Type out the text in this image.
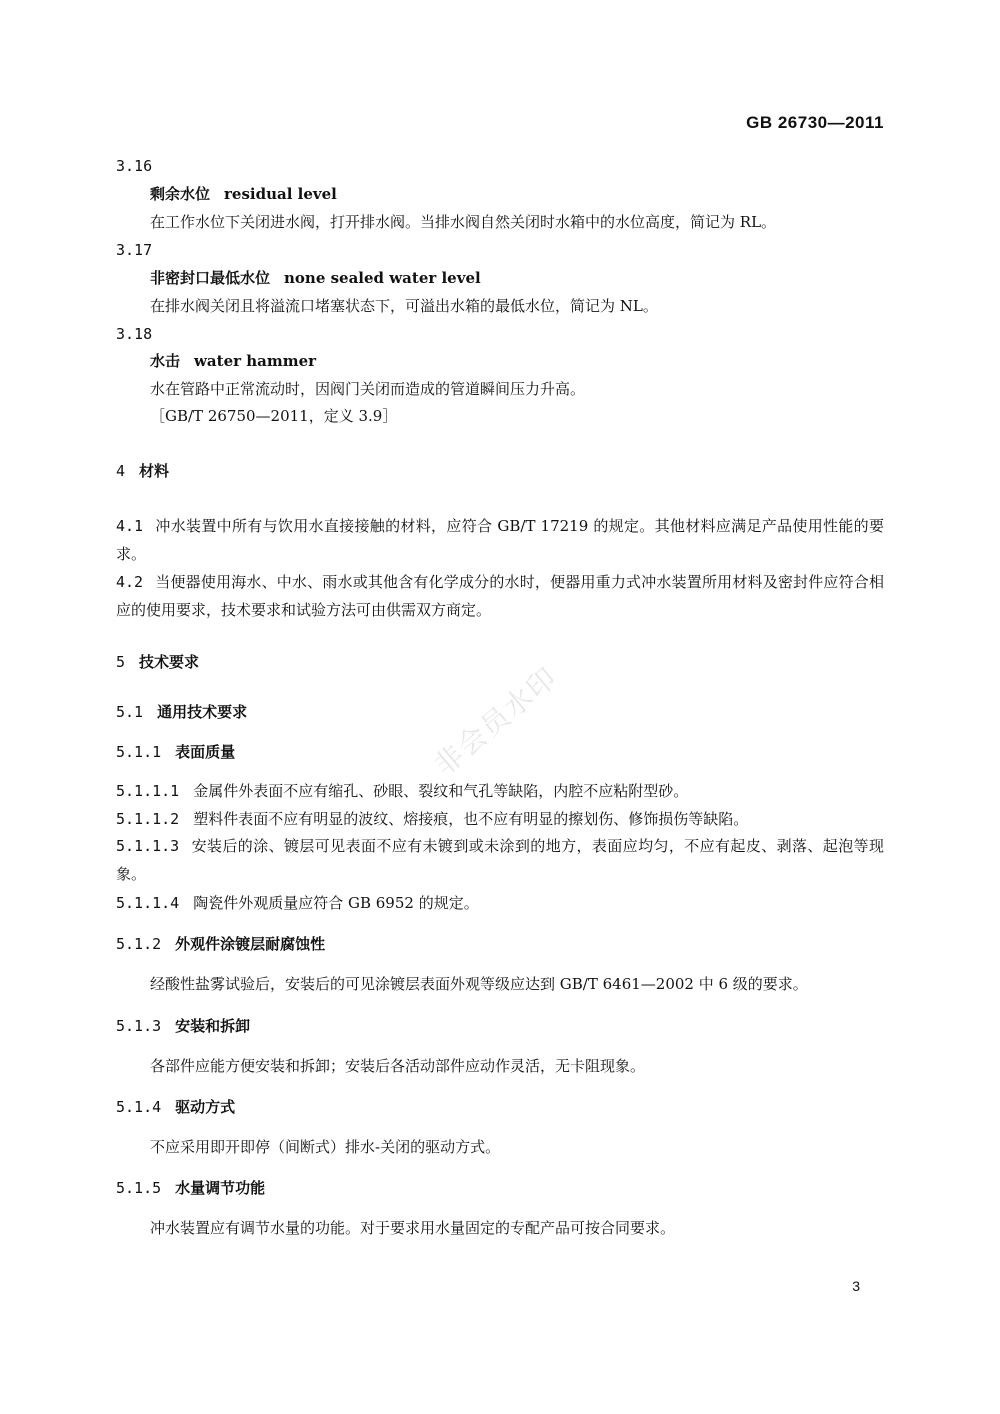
GB 26730—2011
3.16
剩余水位 residual level
在工作水位下关闭进水阀，打开排水阀。当排水阀自然关闭时水箱中的水位高度，简记为 RL。
3.17
非密封口最低水位 none sealed water level
在排水阀关闭且将溢流口堵塞状态下，可溢出水箱的最低水位，简记为 NL。
3.18
水击 water hammer
水在管路中正常流动时，因阀门关闭而造成的管道瞬间压力升高。
［GB/T 26750—2011，定义 3.9］
4 材料
4.1 冲水装置中所有与饮用水直接接触的材料，应符合 GB/T 17219 的规定。其他材料应满足产品使用性能的要求。
4.2 当便器使用海水、中水、雨水或其他含有化学成分的水时，便器用重力式冲水装置所用材料及密封件应符合相应的使用要求，技术要求和试验方法可由供需双方商定。
5 技术要求
5.1 通用技术要求
5.1.1 表面质量
5.1.1.1 金属件外表面不应有缩孔、砂眼、裂纹和气孔等缺陷，内腔不应粘附型砂。
5.1.1.2 塑料件表面不应有明显的波纹、熔接痕，也不应有明显的擦划伤、修饰损伤等缺陷。
5.1.1.3 安装后的涂、镀层可见表面不应有未镀到或未涂到的地方，表面应均匀，不应有起皮、剥落、起泡等现象。
5.1.1.4 陶瓷件外观质量应符合 GB 6952 的规定。
5.1.2 外观件涂镀层耐腐蚀性
经酸性盐雾试验后，安装后的可见涂镀层表面外观等级应达到 GB/T 6461—2002 中 6 级的要求。
5.1.3 安装和拆卸
各部件应能方便安装和拆卸；安装后各活动部件应动作灵活，无卡阻现象。
5.1.4 驱动方式
不应采用即开即停（间断式）排水-关闭的驱动方式。
5.1.5 水量调节功能
冲水装置应有调节水量的功能。对于要求用水量固定的专配产品可按合同要求。
非会员水印
3
